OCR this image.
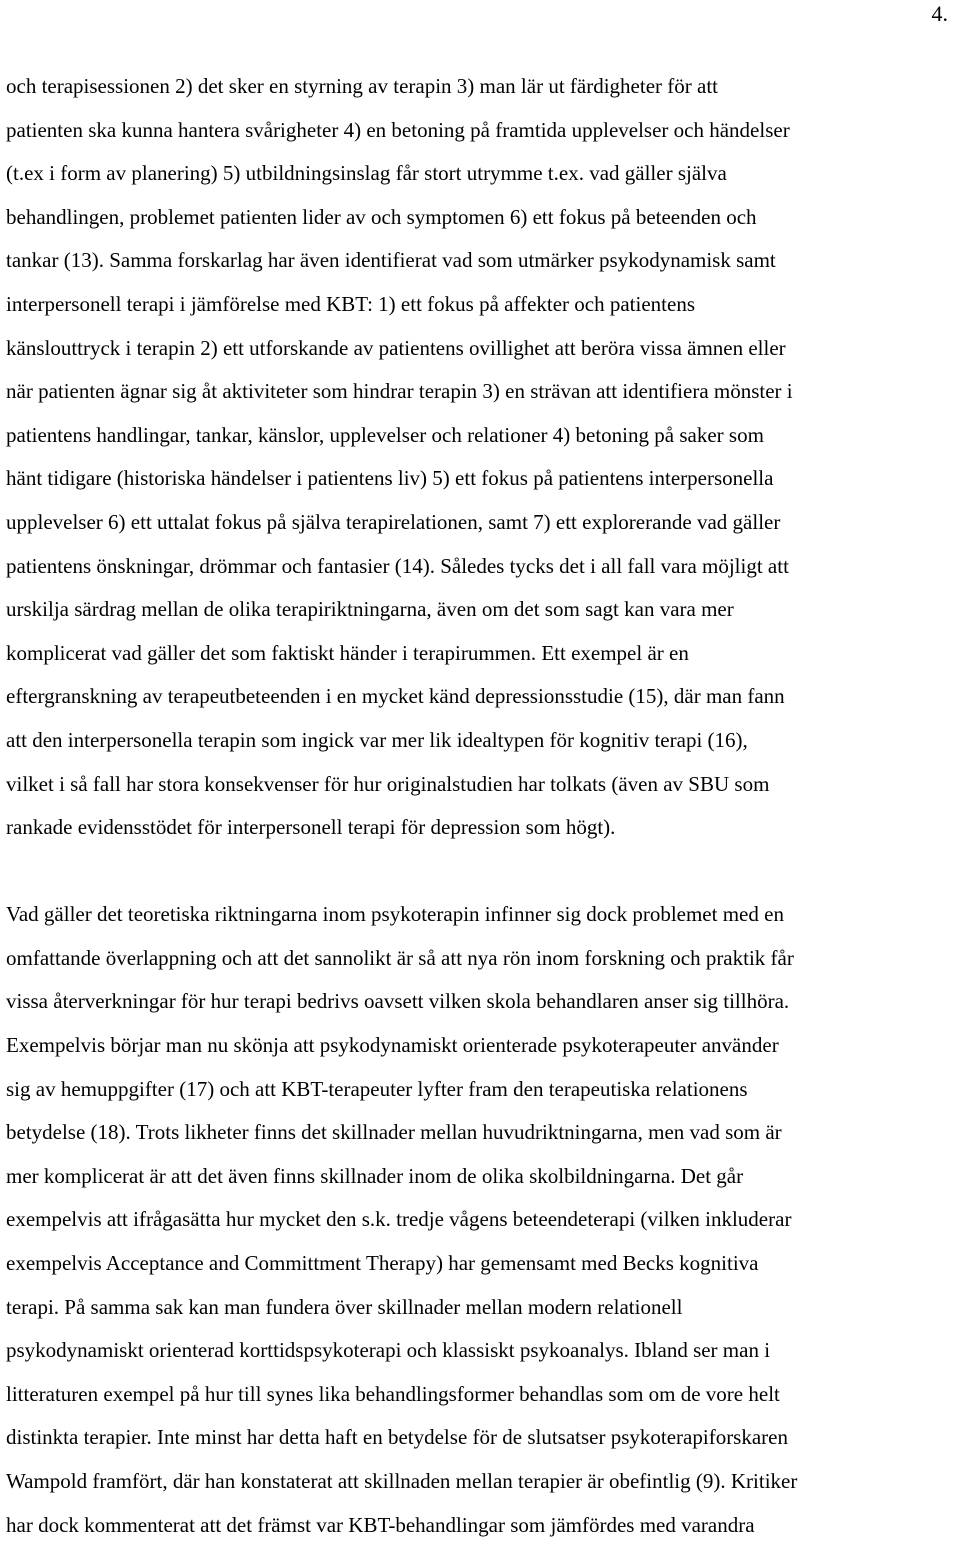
4.
och terapisessionen 2) det sker en styrning av terapin 3) man lär ut färdigheter för att
patienten ska kunna hantera svårigheter 4) en betoning på framtida upplevelser och händelser
(t.ex i form av planering) 5) utbildningsinslag får stort utrymme t.ex. vad gäller själva
behandlingen, problemet patienten lider av och symptomen 6) ett fokus på beteenden och
tankar (13). Samma forskarlag har även identifierat vad som utmärker psykodynamisk samt
interpersonell terapi i jämförelse med KBT: 1) ett fokus på affekter och patientens
känslouttryck i terapin 2) ett utforskande av patientens ovillighet att beröra vissa ämnen eller
när patienten ägnar sig åt aktiviteter som hindrar terapin 3) en strävan att identifiera mönster i
patientens handlingar, tankar, känslor, upplevelser och relationer 4) betoning på saker som
hänt tidigare (historiska händelser i patientens liv) 5) ett fokus på patientens interpersonella
upplevelser 6) ett uttalat fokus på själva terapirelationen, samt 7) ett explorerande vad gäller
patientens önskningar, drömmar och fantasier (14). Således tycks det i all fall vara möjligt att
urskilja särdrag mellan de olika terapiriktningarna, även om det som sagt kan vara mer
komplicerat vad gäller det som faktiskt händer i terapirummen. Ett exempel är en
eftergranskning av terapeutbeteenden i en mycket känd depressionsstudie (15), där man fann
att den interpersonella terapin som ingick var mer lik idealtypen för kognitiv terapi (16),
vilket i så fall har stora konsekvenser för hur originalstudien har tolkats (även av SBU som
rankade evidensstödet för interpersonell terapi för depression som högt).
Vad gäller det teoretiska riktningarna inom psykoterapin infinner sig dock problemet med en
omfattande överlappning och att det sannolikt är så att nya rön inom forskning och praktik får
vissa återverkningar för hur terapi bedrivs oavsett vilken skola behandlaren anser sig tillhöra.
Exempelvis börjar man nu skönja att psykodynamiskt orienterade psykoterapeuter använder
sig av hemuppgifter (17) och att KBT-terapeuter lyfter fram den terapeutiska relationens
betydelse (18). Trots likheter finns det skillnader mellan huvudriktningarna, men vad som är
mer komplicerat är att det även finns skillnader inom de olika skolbildningarna. Det går
exempelvis att ifrågasätta hur mycket den s.k. tredje vågens beteendeterapi (vilken inkluderar
exempelvis Acceptance and Committment Therapy) har gemensamt med Becks kognitiva
terapi. På samma sak kan man fundera över skillnader mellan modern relationell
psykodynamiskt orienterad korttidspsykoterapi och klassiskt psykoanalys. Ibland ser man i
litteraturen exempel på hur till synes lika behandlingsformer behandlas som om de vore helt
distinkta terapier. Inte minst har detta haft en betydelse för de slutsatser psykoterapiforskaren
Wampold framfört, där han konstaterat att skillnaden mellan terapier är obefintlig (9). Kritiker
har dock kommenterat att det främst var KBT-behandlingar som jämfördes med varandra
